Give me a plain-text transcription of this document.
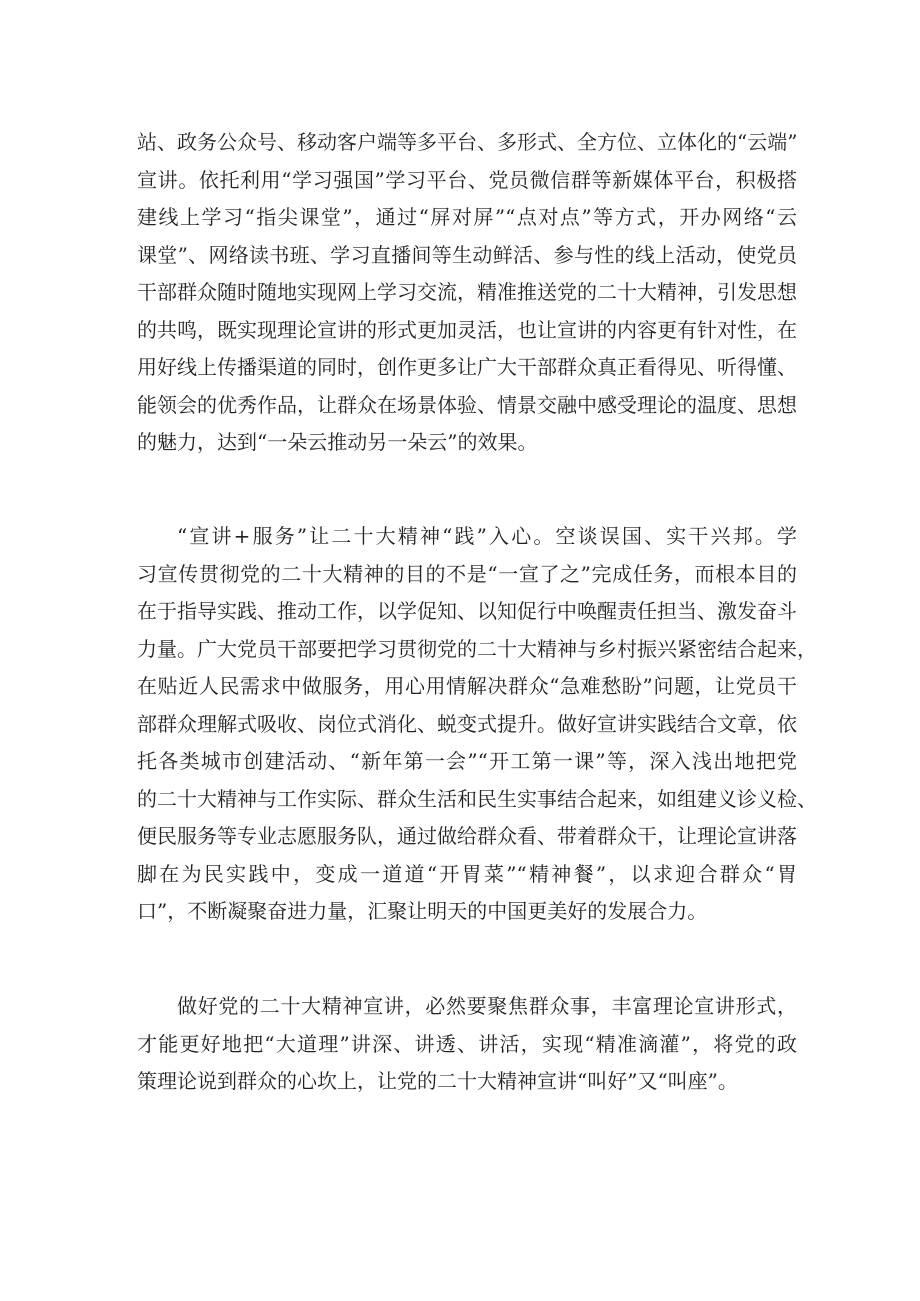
站、政务公众号、移动客户端等多平台、多形式、全方位、立体化的“云端”
宣讲。依托利用“学习强国”学习平台、党员微信群等新媒体平台，积极搭
建线上学习“指尖课堂”，通过“屏对屏”“点对点”等方式，开办网络“云
课堂”、网络读书班、学习直播间等生动鲜活、参与性的线上活动，使党员
干部群众随时随地实现网上学习交流，精准推送党的二十大精神，引发思想
的共鸣，既实现理论宣讲的形式更加灵活，也让宣讲的内容更有针对性，在
用好线上传播渠道的同时，创作更多让广大干部群众真正看得见、听得懂、
能领会的优秀作品，让群众在场景体验、情景交融中感受理论的温度、思想
的魅力，达到“一朵云推动另一朵云”的效果。
“宣讲+服务”让二十大精神“践”入心。空谈误国、实干兴邦。学
习宣传贯彻党的二十大精神的目的不是“一宣了之”完成任务，而根本目的
在于指导实践、推动工作，以学促知、以知促行中唤醒责任担当、激发奋斗
力量。广大党员干部要把学习贯彻党的二十大精神与乡村振兴紧密结合起来，
在贴近人民需求中做服务，用心用情解决群众“急难愁盼”问题，让党员干
部群众理解式吸收、岗位式消化、蜕变式提升。做好宣讲实践结合文章，依
托各类城市创建活动、“新年第一会”“开工第一课”等，深入浅出地把党
的二十大精神与工作实际、群众生活和民生实事结合起来，如组建义诊义检、
便民服务等专业志愿服务队，通过做给群众看、带着群众干，让理论宣讲落
脚在为民实践中，变成一道道“开胃菜”“精神餐”，以求迎合群众“胃
口”，不断凝聚奋进力量，汇聚让明天的中国更美好的发展合力。
做好党的二十大精神宣讲，必然要聚焦群众事，丰富理论宣讲形式，
才能更好地把“大道理”讲深、讲透、讲活，实现“精准滴灌”，将党的政
策理论说到群众的心坎上，让党的二十大精神宣讲“叫好”又“叫座”。
